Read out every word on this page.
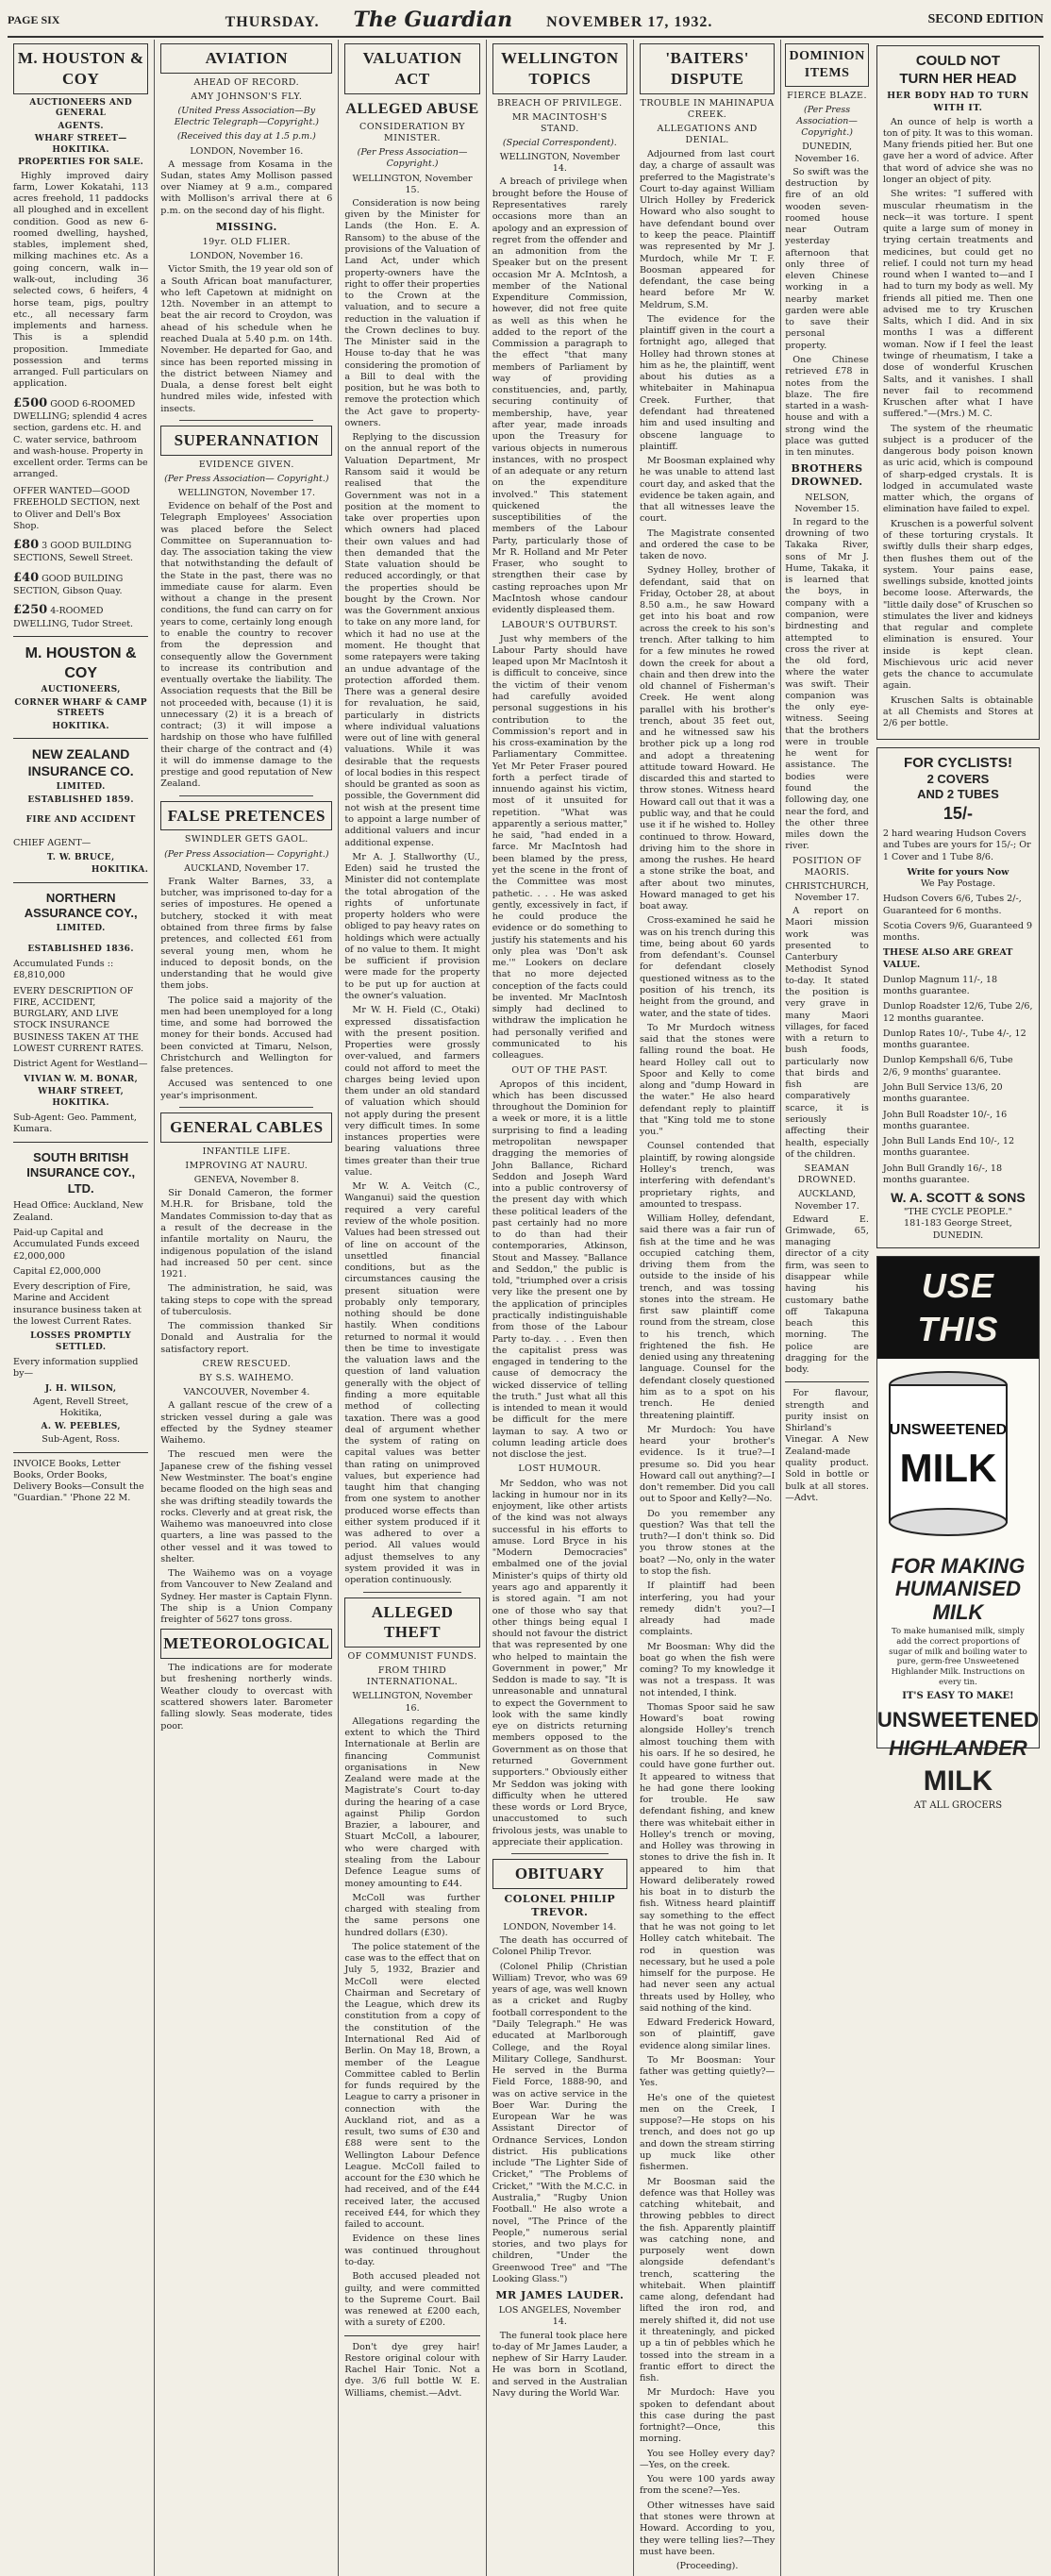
PAGE SIX	THURSDAY. The Guardian NOVEMBER 17, 1932.	SECOND EDITION
M. HOUSTON & COY
AUCTIONEERS AND GENERAL
AGENTS.
WHARF STREET—HOKITIKA.
PROPERTIES FOR SALE.

Highly improved dairy farm, Lower Kokatahi, 113 acres freehold, 11 paddocks all ploughed and in excellent condition. Good as new 6-roomed dwelling, hayshed, stables, implement shed, milking machines etc. As a going concern, walk in—walk-out, including 36 selected cows, 6 heifers, 4 horse team, pigs, poultry etc., all necessary farm implements and harness. This is a splendid proposition. Immediate possession and terms arranged. Full particulars on application.

£500 GOOD 6-ROOMED DWELLING; splendid 4 acres section, gardens etc. H. and C. water service, bathroom and wash-house. Property in excellent order. Terms can be arranged.
OFFER WANTED—GOOD FREEHOLD SECTION, next to Oliver and Dell's Box Shop.
£80 3 GOOD BUILDING SECTIONS, Sewell Street.
£40 GOOD BUILDING SECTION, Gibson Quay.
£250 4-ROOMED DWELLING, Tudor Street.
M. HOUSTON & COY
AUCTIONEERS,
CORNER WHARF & CAMP STREETS
HOKITIKA.
NEW ZEALAND INSURANCE CO.
LIMITED.
ESTABLISHED 1859.
FIRE AND ACCIDENT
CHIEF AGENT—
T. W. BRUCE,
HOKITIKA.
NORTHERN ASSURANCE COY.,
LIMITED.
ESTABLISHED 1836.
Accumulated Funds :: £8,810,000
EVERY DESCRIPTION OF FIRE, ACCIDENT, BURGLARY, AND LIVE STOCK INSURANCE BUSINESS TAKEN AT THE LOWEST CURRENT RATES.
District Agent for Westland—
VIVIAN W. M. BONAR,
WHARF STREET, HOKITIKA.
Sub-Agent: Geo. Pamment, Kumara.
SOUTH BRITISH INSURANCE COY., LTD.
Head Office: Auckland, New Zealand.
Paid-up Capital and Accumulated Funds exceed £2,000,000
Capital £2,000,000
Every description of Fire, Marine and Accident insurance business taken at the lowest Current Rates.
LOSSES PROMPTLY SETTLED.
Every information supplied by—
J. H. WILSON,
Agent, Revell Street, Hokitika,
A. W. PEEBLES,
Sub-Agent, Ross.
INVOICE Books, Letter Books, Order Books, Delivery Books—Consult the "Guardian." 'Phone 22 M.
AVIATION
AHEAD OF RECORD.
AMY JOHNSON'S FLY.
(United Press Association—By Electric Telegraph—Copyright.)
(Received this day at 1.5 p.m.)
LONDON, November 16.

A message from Kosama in the Sudan, states Amy Mollison passed over Niamey at 9 a.m., compared with Mollison's arrival there at 6 p.m. on the second day of his flight.

MISSING.
19yr. OLD FLIER.
LONDON, November 16.

Victor Smith, the 19 year old son of a South African boat manufacturer, who left Capetown at midnight on 12th. November in an attempt to beat the air record to Croydon, was ahead of his schedule when he reached Duala at 5.40 p.m. on 14th. November. He departed for Gao, and since has been reported missing in the district between Niamey and Duala, a dense forest belt eight hundred miles wide, infested with insects.

SUPERANNATION
EVIDENCE GIVEN.
(Per Press Association— Copyright.)
WELLINGTON, November 17.

Evidence on behalf of the Post and Telegraph Employees' Association was placed before the Select Committee on Superannuation to-day. The association taking the view that notwithstanding the default of the State in the past, there was no immediate cause for alarm. Even without a change in the present conditions, the fund can carry on for years to come, certainly long enough to enable the country to recover from the depression and consequently allow the Government to increase its contribution and eventually overtake the liability. The Association requests that the Bill be not proceeded with, because (1) it is unnecessary (2) it is a breach of contract; (3) it will impose a hardship on those who have fulfilled their charge of the contract and (4) it will do immense damage to the prestige and good reputation of New Zealand.

FALSE PRETENCES
SWINDLER GETS GAOL.
(Per Press Association— Copyright.)
AUCKLAND, November 17.

Frank Walter Barnes, 33, a butcher, was imprisoned to-day for a series of impostures. He opened a butchery, stocked it with meat obtained from three firms by false pretences, and collected £61 from several young men, whom he induced to deposit bonds, on the understanding that he would give them jobs.

The police said a majority of the men had been unemployed for a long time, and some had borrowed the money for their bonds. Accused had been convicted at Timaru, Nelson, Christchurch and Wellington for false pretences.

Accused was sentenced to one year's imprisonment.

GENERAL CABLES
INFANTILE LIFE.
IMPROVING AT NAURU.
GENEVA, November 8.

Sir Donald Cameron, the former M.H.R. for Brisbane, told the Mandates Commission to-day that as a result of the decrease in the infantile mortality on Nauru, the indigenous population of the island had increased 50 per cent. since 1921.

The administration, he said, was taking steps to cope with the spread of tuberculosis.

The commission thanked Sir Donald and Australia for the satisfactory report.

CREW RESCUED.
BY S.S. WAIHEMO.
VANCOUVER, November 4.

A gallant rescue of the crew of a stricken vessel during a gale was effected by the Sydney steamer Waihemo.

The rescued men were the Japanese crew of the fishing vessel New Westminster. The boat's engine became flooded on the high seas and she was drifting steadily towards the rocks. Cleverly and at great risk, the Waihemo was manoeuvred into close quarters, a line was passed to the other vessel and it was towed to shelter.

The Waihemo was on a voyage from Vancouver to New Zealand and Sydney. Her master is Captain Flynn. The ship is a Union Company freighter of 5627 tons gross.

METEOROLOGICAL

The indications are for moderate but freshening northerly winds. Weather cloudy to overcast with scattered showers later. Barometer falling slowly. Seas moderate, tides poor.

VALUATION ACT
ALLEGED ABUSE
CONSIDERATION BY MINISTER.
(Per Press Association— Copyright.)
WELLINGTON, November 15.

Consideration is now being given by the Minister for Lands (the Hon. E. A. Ransom) to the abuse of the provisions of the Valuation of Land Act, under which property-owners have the right to offer their properties to the Crown at the valuation, and to secure a reduction in the valuation if the Crown declines to buy. The Minister said in the House to-day that he was considering the promotion of a Bill to deal with the position, but he was both to remove the protection which the Act gave to property-owners.

Replying to the discussion on the annual report of the Valuation Department, Mr Ransom said it would be realised that the Government was not in a position at the moment to take over properties upon which owners had placed their own values and had then demanded that the State valuation should be reduced accordingly, or that the properties should be bought by the Crown. Nor was the Government anxious to take on any more land, for which it had no use at the moment. He thought that some ratepayers were taking an undue advantage of the protection afforded them. There was a general desire for revaluation, he said, particularly in districts where individual valuations were out of line with general valuations. While it was desirable that the requests of local bodies in this respect should be granted as soon as possible, the Government did not wish at the present time to appoint a large number of additional valuers and incur additional expense.

Mr A. J. Stallworthy (U., Eden) said he trusted the Minister did not contemplate the total abrogation of the rights of unfortunate property holders who were obliged to pay heavy rates on holdings which were actually of no value to them. It might be sufficient if provision were made for the property to be put up for auction at the owner's valuation.

Mr W. H. Field (C., Otaki) expressed dissatisfaction with the present position. Properties were grossly over-valued, and farmers could not afford to meet the charges being levied upon them under an old standard of valuation which should not apply during the present very difficult times. In some instances properties were bearing valuations three times greater than their true value.

Mr W. A. Veitch (C., Wanganui) said the question required a very careful review of the whole position. Values had been stressed out of line on account of the unsettled financial conditions, but as the circumstances causing the present situation were probably only temporary, nothing should be done hastily. When conditions returned to normal it would then be time to investigate the valuation laws and the question of land valuation generally with the object of finding a more equitable method of collecting taxation. There was a good deal of argument whether the system of rating on capital values was better than rating on unimproved values, but experience had taught him that changing from one system to another produced worse effects than either system produced if it was adhered to over a period. All values would adjust themselves to any system provided it was in operation continuously.

ALLEGED THEFT
OF COMMUNIST FUNDS.
FROM THIRD INTERNATIONAL.
WELLINGTON, November 16.

Allegations regarding the extent to which the Third Internationale at Berlin are financing Communist organisations in New Zealand were made at the Magistrate's Court to-day during the hearing of a case against Philip Gordon Brazier, a labourer, and Stuart McColl, a labourer, who were charged with stealing from the Labour Defence League sums of money amounting to £44.

McColl was further charged with stealing from the same persons one hundred dollars (£30).

The police statement of the case was to the effect that on July 5, 1932, Brazier and McColl were elected Chairman and Secretary of the League, which drew its constitution from a copy of the constitution of the International Red Aid of Berlin. On May 18, Brown, a member of the League Committee cabled to Berlin for funds required by the League to carry a prisoner in connection with the Auckland riot, and as a result, two sums of £30 and £88 were sent to the Wellington Labour Defence League. McColl failed to account for the £30 which he had received, and of the £44 received later, the accused received £44, for which they failed to account.

Evidence on these lines was continued throughout to-day.

Both accused pleaded not guilty, and were committed to the Supreme Court. Bail was renewed at £200 each, with a surety of £200.

Don't dye grey hair! Restore original colour with Rachel Hair Tonic. Not a dye. 3/6 full bottle W. E. Williams, chemist.—Advt.

WELLINGTON TOPICS
BREACH OF PRIVILEGE.
MR MACINTOSH'S STAND.
(Special Correspondent).
WELLINGTON, November 14.

A breach of privilege when brought before the House of Representatives rarely occasions more than an apology and an expression of regret from the offender and an admonition from the Speaker but on the present occasion Mr A. McIntosh, a member of the National Expenditure Commission, however, did not free quite as well as this when he added to the report of the Commission a paragraph to the effect "that many members of Parliament by way of providing constituencies, and, partly, securing continuity of membership, have, year after year, made inroads upon the Treasury for various objects in numerous instances, with no prospect of an adequate or any return on the expenditure involved." This statement quickened the susceptibilities of the members of the Labour Party, particularly those of Mr R. Holland and Mr Peter Fraser, who sought to strengthen their case by casting reproaches upon Mr MacIntosh whose candour evidently displeased them.

LABOUR'S OUTBURST.

Just why members of the Labour Party should have leaped upon Mr MacIntosh it is difficult to conceive, since the victim of their venom had carefully avoided personal suggestions in his contribution to the Commission's report and in his cross-examination by the Parliamentary Committee. Yet Mr Peter Fraser poured forth a perfect tirade of innuendo against his victim, most of it unsuited for repetition. "What was apparently a serious matter," he said, "had ended in a farce. Mr MacIntosh had been blamed by the press, yet the scene in the front of the Committee was most pathetic. . . . He was asked gently, excessively in fact, if he could produce the evidence or do something to justify his statements and his only plea was 'Don't ask me.'" Lookers on declare that no more dejected conception of the facts could be invented. Mr MacIntosh simply had declined to withdraw the implication he had personally verified and communicated to his colleagues.

OUT OF THE PAST.

Apropos of this incident, which has been discussed throughout the Dominion for a week or more, it is a little surprising to find a leading metropolitan newspaper dragging the memories of John Ballance, Richard Seddon and Joseph Ward into a public controversy of the present day with which these political leaders of the past certainly had no more to do than had their contemporaries, Atkinson, Stout and Massey. "Ballance and Seddon," the public is told, "triumphed over a crisis very like the present one by the application of principles practically indistinguishable from those of the Labour Party to-day. . . . Even then the capitalist press was engaged in tendering to the cause of democracy the wicked disservice of telling the truth." Just what all this is intended to mean it would be difficult for the mere layman to say. A two or column leading article does not disclose the jest.

LOST HUMOUR.

Mr Seddon, who was not lacking in humour nor in its enjoyment, like other artists of the kind was not always successful in his efforts to amuse. Lord Bryce in his "Modern Democracies" embalmed one of the jovial Minister's quips of thirty old years ago and apparently it is stored again. "I am not one of those who say that other things being equal I should not favour the district that was represented by one who helped to maintain the Government in power," Mr Seddon is made to say. "It is unreasonable and unnatural to expect the Government to look with the same kindly eye on districts returning members opposed to the Government as on those that returned Government supporters." Obviously either Mr Seddon was joking with difficulty when he uttered these words or Lord Bryce, unaccustomed to such frivolous jests, was unable to appreciate their application.

OBITUARY
COLONEL PHILIP TREVOR.
LONDON, November 14.

The death has occurred of Colonel Philip Trevor.

(Colonel Philip (Christian William) Trevor, who was 69 years of age, was well known as a cricket and Rugby football correspondent to the "Daily Telegraph." He was educated at Marlborough College, and the Royal Military College, Sandhurst. He served in the Burma Field Force, 1888-90, and was on active service in the Boer War. During the European War he was Assistant Director of Ordnance Services, London district. His publications include "The Lighter Side of Cricket," "The Problems of Cricket," "With the M.C.C. in Australia," "Rugby Union Football." He also wrote a novel, "The Prince of the People," numerous serial stories, and two plays for children, "Under the Greenwood Tree" and "The Looking Glass.")

MR JAMES LAUDER.
LOS ANGELES, November 14.

The funeral took place here to-day of Mr James Lauder, a nephew of Sir Harry Lauder. He was born in Scotland, and served in the Australian Navy during the World War.

'BAITERS' DISPUTE
TROUBLE IN MAHINAPUA CREEK.
ALLEGATIONS AND DENIAL.

Adjourned from last court day, a charge of assault was preferred to the Magistrate's Court to-day against William Ulrich Holley by Frederick Howard who also sought to have defendant bound over to keep the peace. Plaintiff was represented by Mr J. Murdoch, while Mr T. F. Boosman appeared for defendant, the case being heard before Mr W. Meldrum, S.M.

The evidence for the plaintiff given in the court a fortnight ago, alleged that Holley had thrown stones at him as he, the plaintiff, went about his duties as a whitebaiter in Mahinapua Creek. Further, that defendant had threatened him and used insulting and obscene language to plaintiff.

Mr Boosman explained why he was unable to attend last court day, and asked that the evidence be taken again, and that all witnesses leave the court.

The Magistrate consented and ordered the case to be taken de novo.

Sydney Holley, brother of defendant, said that on Friday, October 28, at about 8.50 a.m., he saw Howard get into his boat and row across the creek to his son's trench. After talking to him for a few minutes he rowed down the creek for about a chain and then drew into the old channel of Fisherman's Creek. He went along parallel with his brother's trench, about 35 feet out, and he witnessed saw his brother pick up a long rod and adopt a threatening attitude toward Howard. He discarded this and started to throw stones. Witness heard Howard call out that it was a public way, and that he could use it if he wished to. Holley continued to throw. Howard, driving him to the shore in among the rushes. He heard a stone strike the boat, and after about two minutes, Howard managed to get his boat away.

Cross-examined he said he was on his trench during this time, being about 60 yards from defendant's. Counsel for defendant closely questioned witness as to the position of his trench, its height from the ground, and water, and the state of tides.

To Mr Murdoch witness said that the stones were falling round the boat. He heard Holley call out to Spoor and Kelly to come along and "dump Howard in the water." He also heard defendant reply to plaintiff that "King told me to stone you."

Counsel contended that plaintiff, by rowing alongside Holley's trench, was interfering with defendant's proprietary rights, and amounted to trespass.

William Holley, defendant, said there was a fair run of fish at the time and he was occupied catching them, driving them from the outside to the inside of his trench, and was tossing stones into the stream. He first saw plaintiff come round from the stream, close to his trench, which frightened the fish. He denied using any threatening language. Counsel for the defendant closely questioned him as to a spot on his trench. He denied threatening plaintiff.

Mr Murdoch: You have heard your brother's evidence. Is it true?—I presume so. Did you hear Howard call out anything?—I don't remember. Did you call out to Spoor and Kelly?—No.

Do you remember any question? Was that tell the truth?—I don't think so. Did you throw stones at the boat? —No, only in the water to stop the fish.

If plaintiff had been interfering, you had your remedy didn't you?—I already had made complaints.

Mr Boosman: Why did the boat go when the fish were coming? To my knowledge it was not a trespass. It was not intended, I think.

Thomas Spoor said he saw Howard's boat rowing alongside Holley's trench almost touching them with his oars. If he so desired, he could have gone further out. It appeared to witness that he had gone there looking for trouble. He saw defendant fishing, and knew there was whitebait either in Holley's trench or moving, and Holley was throwing in stones to drive the fish in. It appeared to him that Howard deliberately rowed his boat in to disturb the fish. Witness heard plaintiff say something to the effect that he was not going to let Holley catch whitebait. The rod in question was necessary, but he used a pole himself for the purpose. He had never seen any actual threats used by Holley, who said nothing of the kind.

Edward Frederick Howard, son of plaintiff, gave evidence along similar lines.

To Mr Boosman: Your father was getting quietly?—Yes.

He's one of the quietest men on the Creek, I suppose?—He stops on his trench, and does not go up and down the stream stirring up muck like other fishermen.

Mr Boosman said the defence was that Holley was catching whitebait, and throwing pebbles to direct the fish. Apparently plaintiff was catching none, and purposely went down alongside defendant's trench, scattering the whitebait. When plaintiff came along, defendant had lifted the iron rod, and merely shifted it, did not use it threateningly, and picked up a tin of pebbles which he tossed into the stream in a frantic effort to direct the fish.

Mr Murdoch: Have you spoken to defendant about this case during the past fortnight?—Once, this morning.

You see Holley every day?—Yes, on the creek.

You were 100 yards away from the scene?—Yes.

Other witnesses have said that stones were thrown at Howard. According to you, they were telling lies?—They must have been.

(Proceeding).
DOMINION ITEMS
FIERCE BLAZE.
(Per Press Association— Copyright.)
DUNEDIN, November 16.

So swift was the destruction by fire of an old wooden seven-roomed house near Outram yesterday afternoon that only three of eleven Chinese working in a nearby market garden were able to save their personal property.

One Chinese retrieved £78 in notes from the blaze. The fire started in a wash-house and with a strong wind the place was gutted in ten minutes.

BROTHERS DROWNED.
NELSON, November 15.

In regard to the drowning of two Takaka River, sons of Mr J. Hume, Takaka, it is learned that the boys, in company with a companion, were birdnesting and attempted to cross the river at the old ford, where the water was swift. Their companion was the only eye-witness. Seeing that the brothers were in trouble he went for assistance. The bodies were found the following day, one near the ford, and the other three miles down the river.

POSITION OF MAORIS.
CHRISTCHURCH, November 17.

A report on Maori mission work was presented to Canterbury Methodist Synod to-day. It stated the position is very grave in many Maori villages, for faced with a return to bush foods, particularly now that birds and fish are comparatively scarce, it is seriously affecting their health, especially of the children.

SEAMAN DROWNED.
AUCKLAND, November 17.

Edward E. Grimwade, 65, managing director of a city firm, was seen to disappear while having his customary bathe off Takapuna beach this morning. The police are dragging for the body.

For flavour, strength and purity insist on Shirland's Vinegar. A New Zealand-made quality product. Sold in bottle or bulk at all stores.—Advt.

COULD NOT
TURN HER HEAD
HER BODY HAD TO TURN WITH IT.

An ounce of help is worth a ton of pity. It was to this woman. Many friends pitied her. But one gave her a word of advice. After that word of advice she was no longer an object of pity.

She writes: "I suffered with muscular rheumatism in the neck—it was torture. I spent quite a large sum of money in trying certain treatments and medicines, but could get no relief. I could not turn my head round when I wanted to—and I had to turn my body as well. My friends all pitied me. Then one advised me to try Kruschen Salts, which I did. And in six months I was a different woman. Now if I feel the least twinge of rheumatism, I take a dose of wonderful Kruschen Salts, and it vanishes. I shall never fail to recommend Kruschen after what I have suffered."—(Mrs.) M. C.

The system of the rheumatic subject is a producer of the dangerous body poison known as uric acid, which is compound of sharp-edged crystals. It is lodged in accumulated waste matter which, the organs of elimination have failed to expel.

Kruschen is a powerful solvent of these torturing crystals. It swiftly dulls their sharp edges, then flushes them out of the system. Your pains ease, swellings subside, knotted joints become loose. Afterwards, the "little daily dose" of Kruschen so stimulates the liver and kidneys that regular and complete elimination is ensured. Your inside is kept clean. Mischievous uric acid never gets the chance to accumulate again.

Kruschen Salts is obtainable at all Chemists and Stores at 2/6 per bottle.

FOR CYCLISTS!
2 COVERS
AND 2 TUBES
15/-
2 hard wearing Hudson Covers and Tubes are yours for 15/-; Or 1 Cover and 1 Tube 8/6.
Write for yours Now
We Pay Postage.
Hudson Covers 6/6, Tubes 2/-, Guaranteed for 6 months.
Scotia Covers 9/6, Guaranteed 9 months.
THESE ALSO ARE GREAT VALUE.
Dunlop Magnum 11/-, 18 months guarantee.
Dunlop Roadster 12/6, Tube 2/6, 12 months guarantee.
Dunlop Rates 10/-, Tube 4/-, 12 months guarantee.
Dunlop Kempshall 6/6, Tube 2/6, 9 months' guarantee.
John Bull Service 13/6, 20 months guarantee.
John Bull Roadster 10/-, 16 months guarantee.
John Bull Lands End 10/-, 12 months guarantee.
John Bull Grandly 16/-, 18 months guarantee.
W. A. SCOTT & SONS
"THE CYCLE PEOPLE."
181-183 George Street, DUNEDIN.
USE THIS
UNSWEETENED
MILK
FOR MAKING HUMANISED MILK
To make humanised milk, simply add the correct proportions of sugar of milk and boiling water to pure, germ-free Unsweetened Highlander Milk. Instructions on every tin.
IT'S EASY TO MAKE!
UNSWEETENED
HIGHLANDER
MILK
AT ALL GROCERS
